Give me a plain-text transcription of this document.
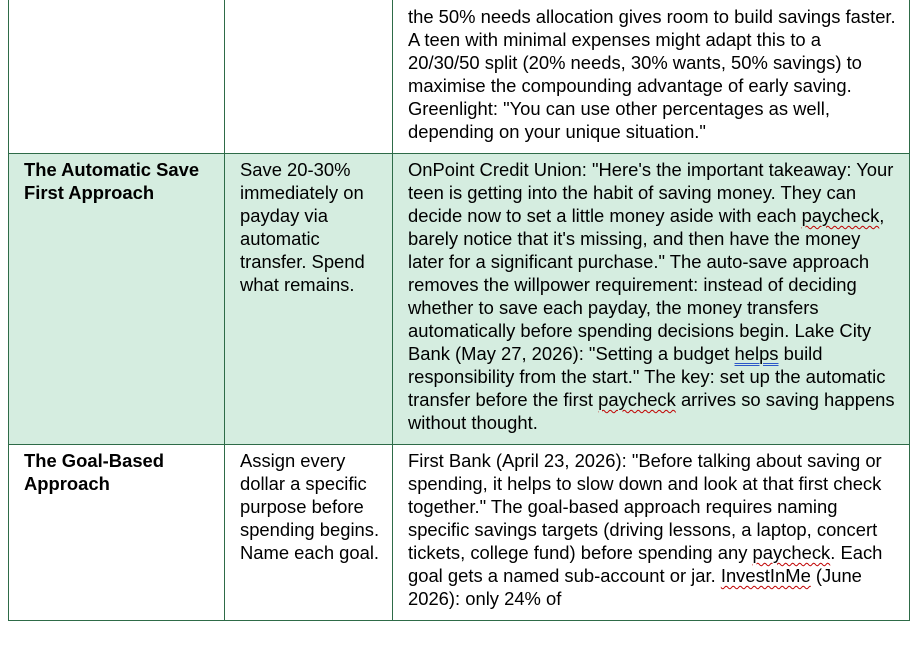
		the 50% needs allocation gives room to build savings faster. A teen with minimal expenses might adapt this to a 20/30/50 split (20% needs, 30% wants, 50% savings) to maximise the compounding advantage of early saving. Greenlight: "You can use other percentages as well, depending on your unique situation."
The Automatic Save First Approach	Save 20-30% immediately on payday via automatic transfer. Spend what remains.	OnPoint Credit Union: "Here's the important takeaway: Your teen is getting into the habit of saving money. They can decide now to set a little money aside with each paycheck, barely notice that it's missing, and then have the money later for a significant purchase." The auto-save approach removes the willpower requirement: instead of deciding whether to save each payday, the money transfers automatically before spending decisions begin. Lake City Bank (May 27, 2026): "Setting a budget helps build responsibility from the start." The key: set up the automatic transfer before the first paycheck arrives so saving happens without thought.
The Goal-Based Approach	Assign every dollar a specific purpose before spending begins. Name each goal.	First Bank (April 23, 2026): "Before talking about saving or spending, it helps to slow down and look at that first check together." The goal-based approach requires naming specific savings targets (driving lessons, a laptop, concert tickets, college fund) before spending any paycheck. Each goal gets a named sub-account or jar. InvestInMe (June 2026): only 24% of
